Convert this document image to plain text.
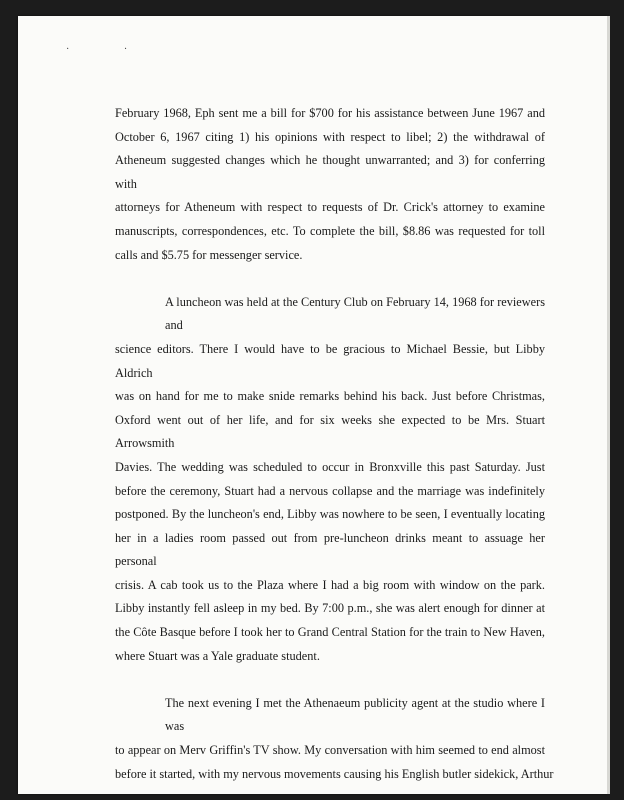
· ·
February 1968, Eph sent me a bill for $700 for his assistance between June 1967 and
October 6, 1967 citing 1) his opinions with respect to libel; 2) the withdrawal of
Atheneum suggested changes which he thought unwarranted; and 3) for conferring with
attorneys for Atheneum with respect to requests of Dr. Crick's attorney to examine
manuscripts, correspondences, etc. To complete the bill, $8.86 was requested for toll
calls and $5.75 for messenger service.
A luncheon was held at the Century Club on February 14, 1968 for reviewers and
science editors. There I would have to be gracious to Michael Bessie, but Libby Aldrich
was on hand for me to make snide remarks behind his back. Just before Christmas,
Oxford went out of her life, and for six weeks she expected to be Mrs. Stuart Arrowsmith
Davies. The wedding was scheduled to occur in Bronxville this past Saturday. Just
before the ceremony, Stuart had a nervous collapse and the marriage was indefinitely
postponed. By the luncheon's end, Libby was nowhere to be seen, I eventually locating
her in a ladies room passed out from pre-luncheon drinks meant to assuage her personal
crisis. A cab took us to the Plaza where I had a big room with window on the park.
Libby instantly fell asleep in my bed. By 7:00 p.m., she was alert enough for dinner at
the Côte Basque before I took her to Grand Central Station for the train to New Haven,
where Stuart was a Yale graduate student.
The next evening I met the Athenaeum publicity agent at the studio where I was
to appear on Merv Griffin's TV show. My conversation with him seemed to end almost
before it started, with my nervous movements causing his English butler sidekick, Arthur
